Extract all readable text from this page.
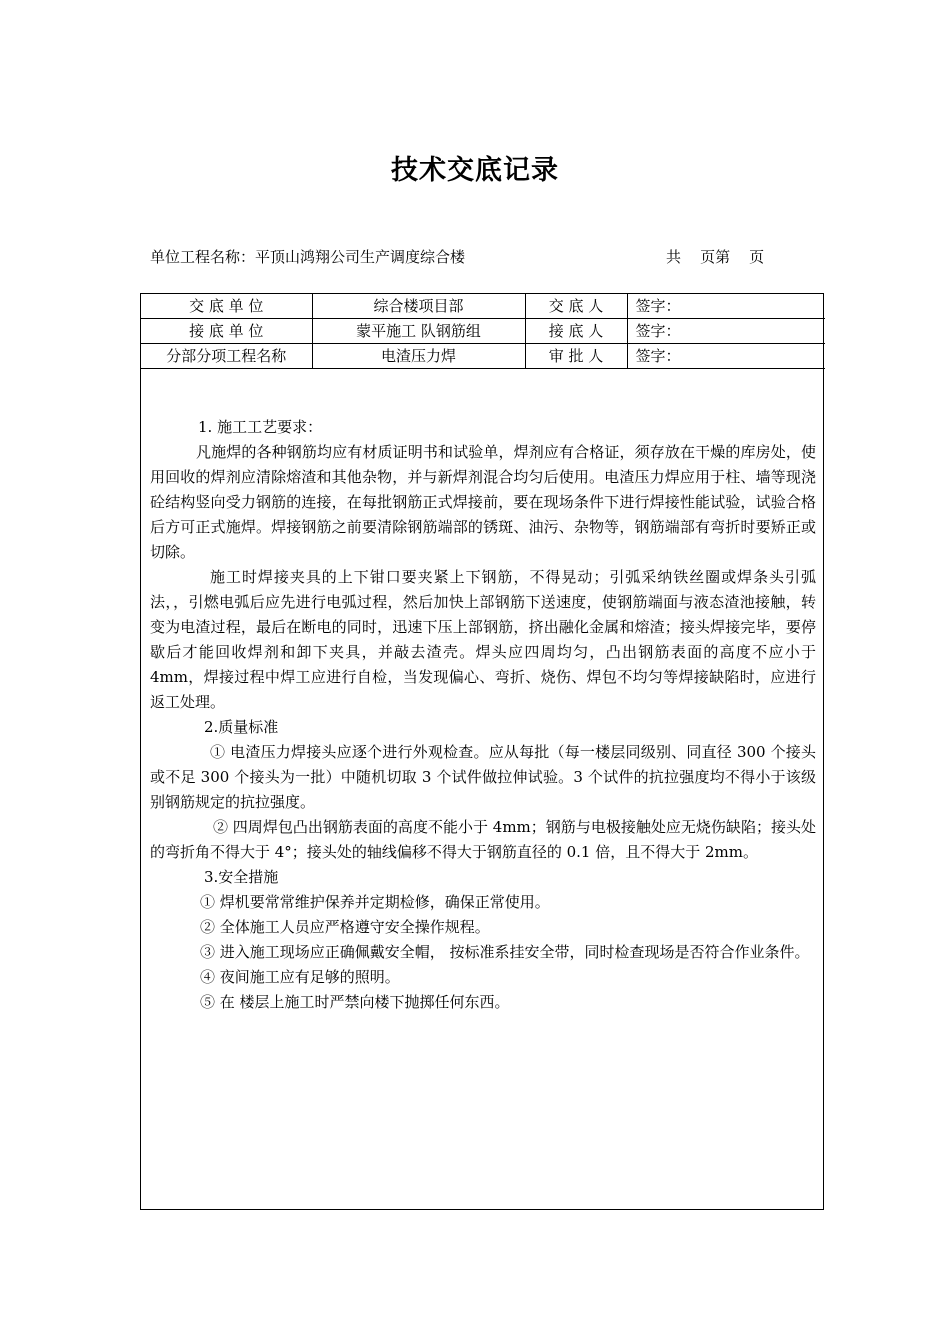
技术交底记录
单位工程名称：平顶山鸿翔公司生产调度综合楼	共    页第    页
交 底 单 位	综合楼项目部	交 底 人	签字：
接 底 单 位	蒙平施工 队钢筋组	接 底 人	签字：
分部分项工程名称	电渣压力焊	审 批 人	签字：

1. 施工工艺要求：

凡施焊的各种钢筋均应有材质证明书和试验单，焊剂应有合格证，须存放在干燥的库房处，使用回收的焊剂应清除熔渣和其他杂物，并与新焊剂混合均匀后使用。电渣压力焊应用于柱、墙等现浇砼结构竖向受力钢筋的连接，在每批钢筋正式焊接前，要在现场条件下进行焊接性能试验，试验合格后方可正式施焊。焊接钢筋之前要清除钢筋端部的锈斑、油污、杂物等，钢筋端部有弯折时要矫正或切除。

施工时焊接夹具的上下钳口要夹紧上下钢筋，不得晃动；引弧采纳铁丝圈或焊条头引弧法，，引燃电弧后应先进行电弧过程，然后加快上部钢筋下送速度，使钢筋端面与液态渣池接触，转变为电渣过程，最后在断电的同时，迅速下压上部钢筋，挤出融化金属和熔渣；接头焊接完毕，要停歇后才能回收焊剂和卸下夹具，并敲去渣壳。焊头应四周均匀，凸出钢筋表面的高度不应小于 4mm，焊接过程中焊工应进行自检，当发现偏心、弯折、烧伤、焊包不均匀等焊接缺陷时，应进行返工处理。

2.质量标准

① 电渣压力焊接头应逐个进行外观检查。应从每批（每一楼层同级别、同直径 300 个接头或不足 300 个接头为一批）中随机切取 3 个试件做拉伸试验。3 个试件的抗拉强度均不得小于该级别钢筋规定的抗拉强度。

② 四周焊包凸出钢筋表面的高度不能小于 4mm；钢筋与电极接触处应无烧伤缺陷；接头处的弯折角不得大于 4°；接头处的轴线偏移不得大于钢筋直径的 0.1 倍，且不得大于 2mm。

3.安全措施

① 焊机要常常维护保养并定期检修，确保正常使用。

② 全体施工人员应严格遵守安全操作规程。

③ 进入施工现场应正确佩戴安全帽， 按标准系挂安全带，同时检查现场是否符合作业条件。

④ 夜间施工应有足够的照明。

⑤ 在 楼层上施工时严禁向楼下抛掷任何东西。
